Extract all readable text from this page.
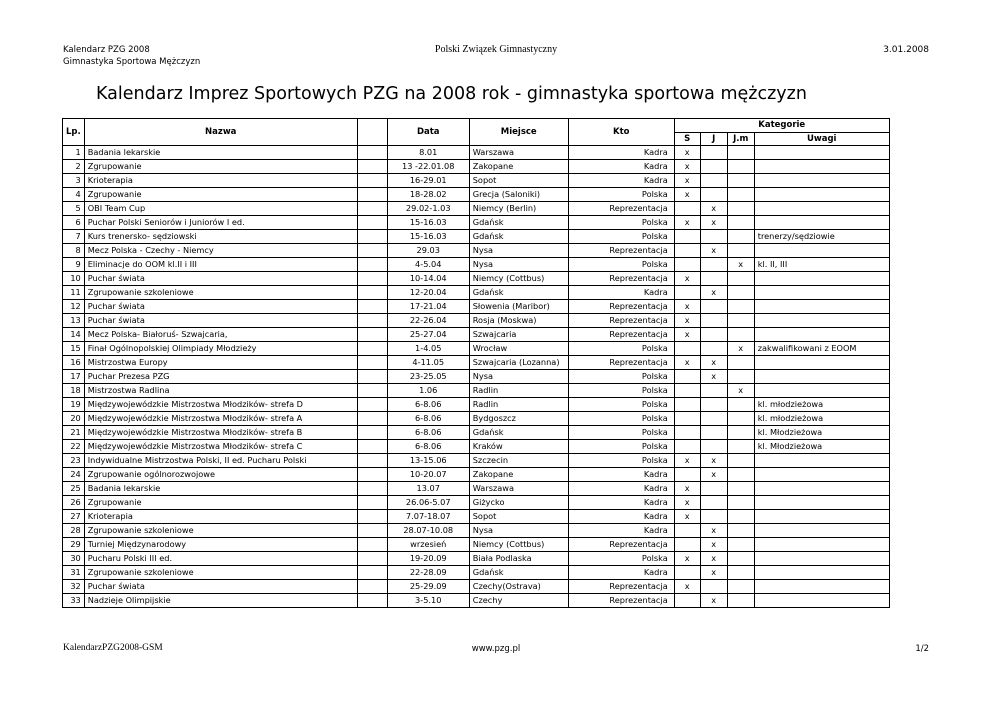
Kalendarz PZG 2008
Gimnastyka Sportowa Mężczyzn
Polski Związek Gimnastyczny	3.01.2008
Kalendarz Imprez Sportowych PZG na 2008 rok - gimnastyka sportowa mężczyzn
Lp.	Nazwa		Data	Miejsce	Kto	Kategorie			
						S	J	J.m	Uwagi
1	Badania lekarskie		8.01	Warszawa	Kadra	x			
2	Zgrupowanie		13 -22.01.08	Zakopane	Kadra	x			
3	Krioterapia		16-29.01	Sopot	Kadra	x			
4	Zgrupowanie		18-28.02	Grecja (Saloniki)	Polska	x			
5	OBI Team Cup		29.02-1.03	Niemcy (Berlin)	Reprezentacja		x		
6	Puchar Polski Seniorów i Juniorów I ed.		15-16.03	Gdańsk	Polska	x	x		
7	Kurs trenersko- sędziowski		15-16.03	Gdańsk	Polska				trenerzy/sędziowie
8	Mecz Polska - Czechy - Niemcy		29.03	Nysa	Reprezentacja		x		
9	Eliminacje do OOM kl.II i III		4-5.04	Nysa	Polska			x	kl. II, III
10	Puchar świata		10-14.04	Niemcy (Cottbus)	Reprezentacja	x			
11	Zgrupowanie szkoleniowe		12-20.04	Gdańsk	Kadra		x		
12	Puchar świata		17-21.04	Słowenia (Maribor)	Reprezentacja	x			
13	Puchar świata		22-26.04	Rosja (Moskwa)	Reprezentacja	x			
14	Mecz Polska- Białoruś- Szwajcaria,		25-27.04	Szwajcaria	Reprezentacja	x			
15	Finał Ogólnopolskiej Olimpiady Młodzieży		1-4.05	Wrocław	Polska			x	zakwalifikowani z EOOM
16	Mistrzostwa Europy		4-11.05	Szwajcaria (Lozanna)	Reprezentacja	x	x		
17	Puchar Prezesa PZG		23-25.05	Nysa	Polska		x		
18	Mistrzostwa Radlina		1.06	Radlin	Polska			x	
19	Międzywojewódzkie Mistrzostwa Młodzików- strefa D		6-8.06	Radlin	Polska				kl. młodzieżowa
20	Międzywojewódzkie Mistrzostwa Młodzików- strefa A		6-8.06	Bydgoszcz	Polska				kl. młodzieżowa
21	Międzywojewódzkie Mistrzostwa Młodzików- strefa B		6-8.06	Gdańsk	Polska				kl. Młodzieżowa
22	Międzywojewódzkie Mistrzostwa Młodzików- strefa C		6-8.06	Kraków	Polska				kl. Młodzieżowa
23	Indywidualne Mistrzostwa Polski, II ed. Pucharu Polski		13-15.06	Szczecin	Polska	x	x		
24	Zgrupowanie ogólnorozwojowe		10-20.07	Zakopane	Kadra		x		
25	Badania lekarskie		13.07	Warszawa	Kadra	x			
26	Zgrupowanie		26.06-5.07	Giżycko	Kadra	x			
27	Krioterapia		7.07-18.07	Sopot	Kadra	x			
28	Zgrupowanie szkoleniowe		28.07-10.08	Nysa	Kadra		x		
29	Turniej Międzynarodowy		wrzesień	Niemcy (Cottbus)	Reprezentacja		x		
30	Pucharu Polski III ed.		19-20.09	Biała Podlaska	Polska	x	x		
31	Zgrupowanie szkoleniowe		22-28.09	Gdańsk	Kadra		x		
32	Puchar świata		25-29.09	Czechy(Ostrava)	Reprezentacja	x			
33	Nadzieje Olimpijskie		3-5.10	Czechy	Reprezentacja		x		
KalendarzPZG2008-GSM	www.pzg.pl	1/2
